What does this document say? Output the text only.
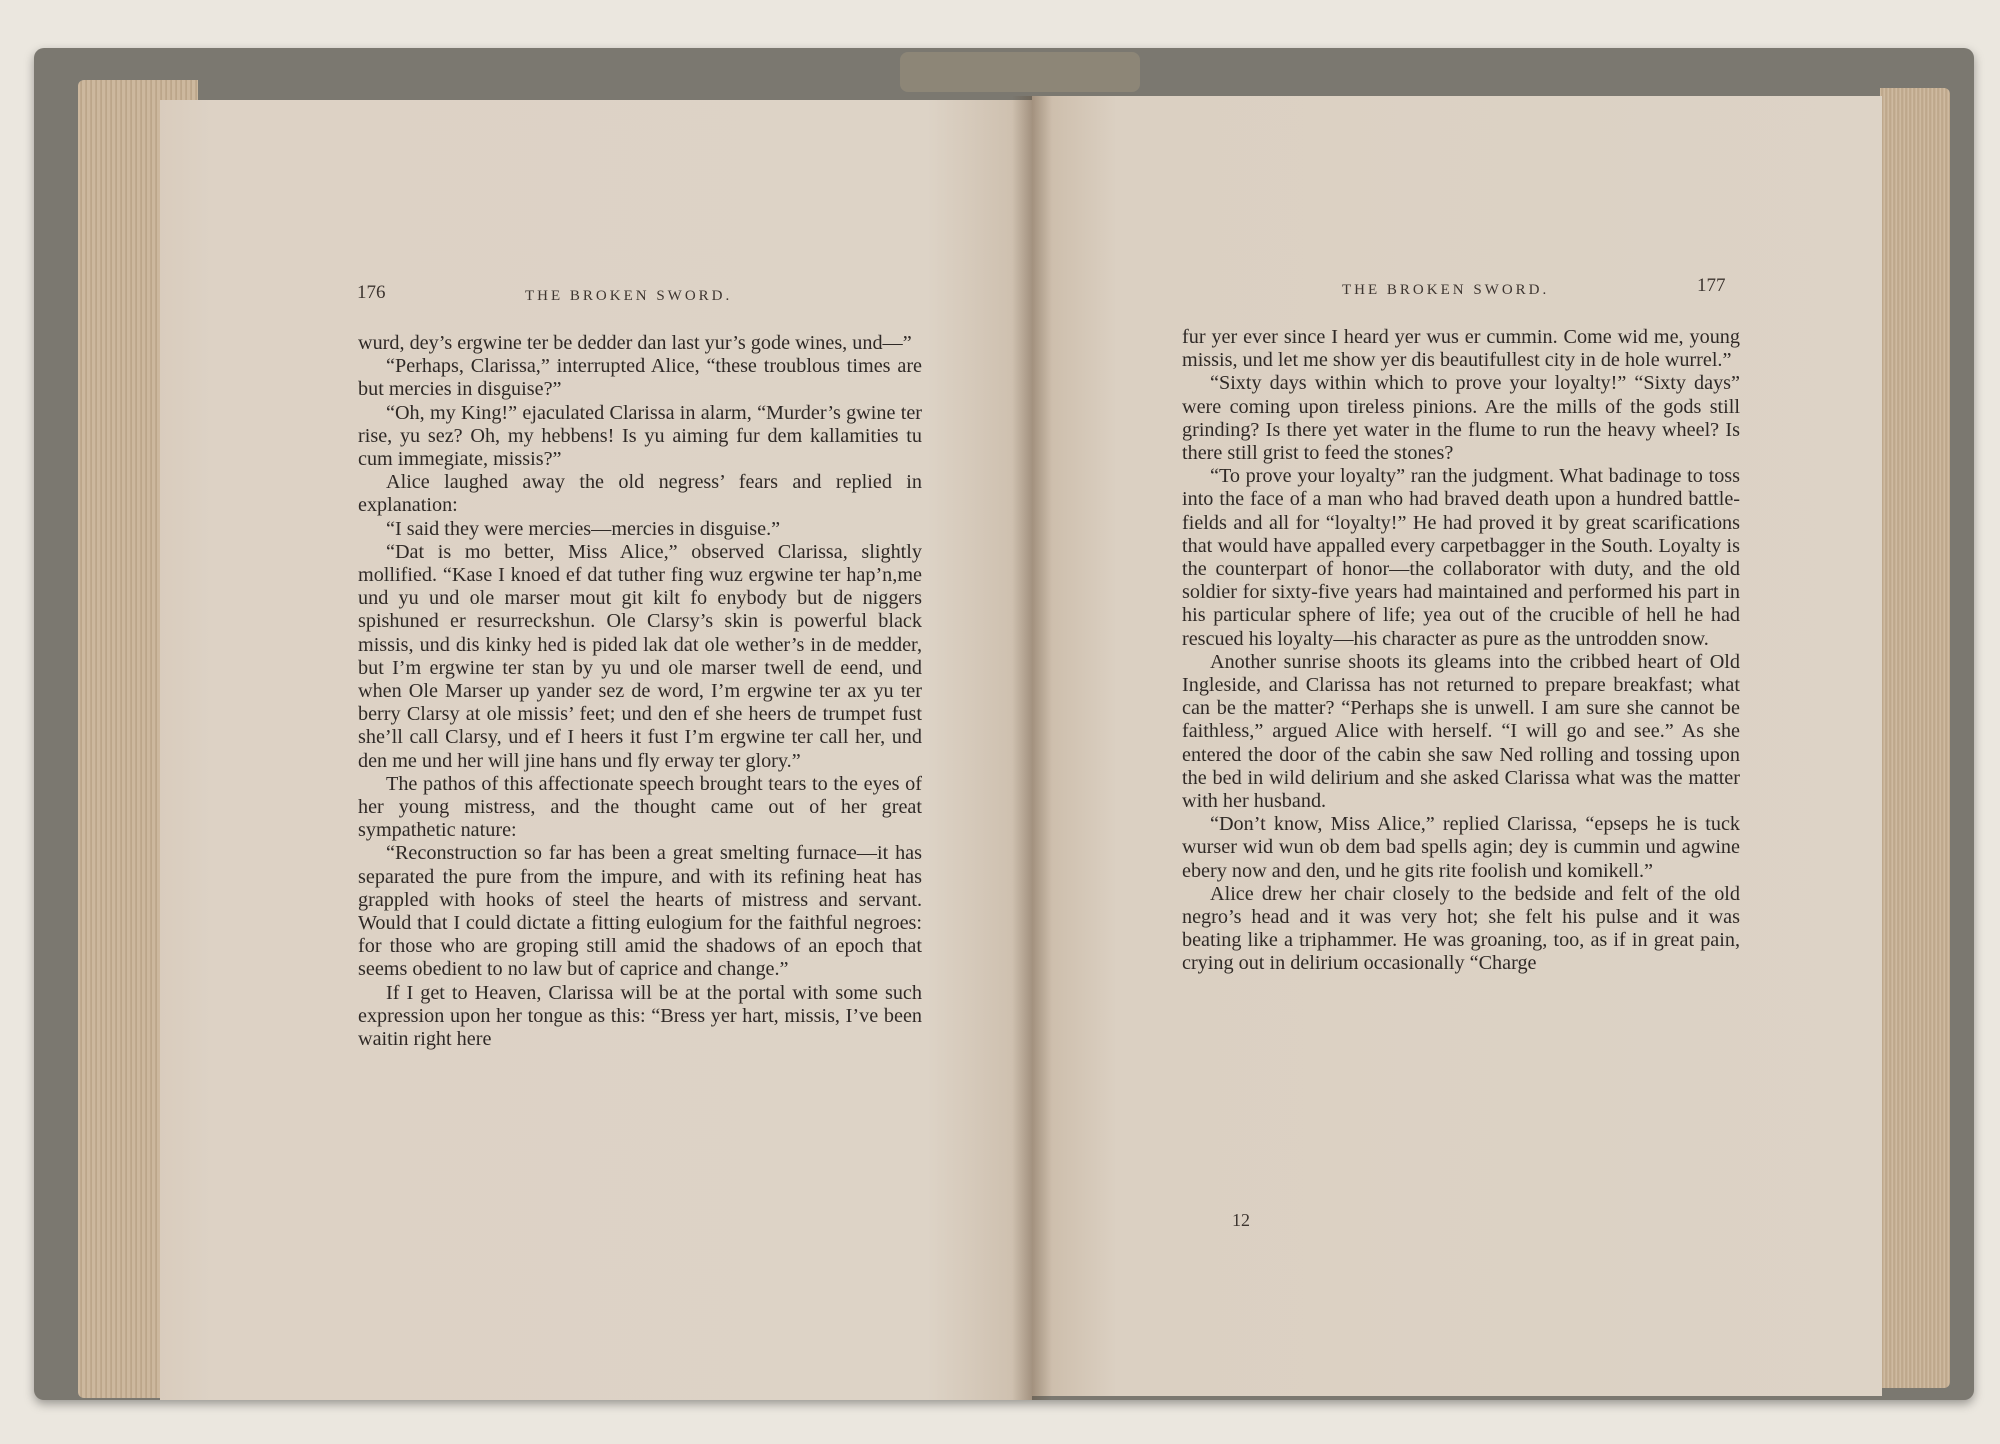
176	THE BROKEN SWORD.

wurd, dey’s ergwine ter be dedder dan last yur’s gode wines, und—”

“Perhaps, Clarissa,” interrupted Alice, “these troublous times are but mercies in disguise?”

“Oh, my King!” ejaculated Clarissa in alarm, “Murder’s gwine ter rise, yu sez? Oh, my hebbens! Is yu aiming fur dem kallamities tu cum immegiate, missis?”

Alice laughed away the old negress’ fears and replied in explanation:

“I said they were mercies—mercies in disguise.”

“Dat is mo better, Miss Alice,” observed Clarissa, slightly mollified. “Kase I knoed ef dat tuther fing wuz ergwine ter hap’n,me und yu und ole marser mout git kilt fo enybody but de niggers spishuned er resurreckshun. Ole Clarsy’s skin is powerful black missis, und dis kinky hed is pided lak dat ole wether’s in de medder, but I’m ergwine ter stan by yu und ole marser twell de eend, und when Ole Marser up yander sez de word, I’m ergwine ter ax yu ter berry Clarsy at ole missis’ feet; und den ef she heers de trumpet fust she’ll call Clarsy, und ef I heers it fust I’m ergwine ter call her, und den me und her will jine hans und fly erway ter glory.”

The pathos of this affectionate speech brought tears to the eyes of her young mistress, and the thought came out of her great sympathetic nature:

“Reconstruction so far has been a great smelting furnace—it has separated the pure from the impure, and with its refining heat has grappled with hooks of steel the hearts of mistress and servant. Would that I could dictate a fitting eulogium for the faithful negroes: for those who are groping still amid the shadows of an epoch that seems obedient to no law but of caprice and change.”

If I get to Heaven, Clarissa will be at the portal with some such expression upon her tongue as this: “Bress yer hart, missis, I’ve been waitin right here

THE BROKEN SWORD.	177

fur yer ever since I heard yer wus er cummin. Come wid me, young missis, und let me show yer dis beautifullest city in de hole wurrel.”

“Sixty days within which to prove your loyalty!” “Sixty days” were coming upon tireless pinions. Are the mills of the gods still grinding? Is there yet water in the flume to run the heavy wheel? Is there still grist to feed the stones?

“To prove your loyalty” ran the judgment. What badinage to toss into the face of a man who had braved death upon a hundred battle-fields and all for “loyalty!” He had proved it by great scarifications that would have appalled every carpetbagger in the South. Loyalty is the counterpart of honor—the collaborator with duty, and the old soldier for sixty-five years had maintained and performed his part in his particular sphere of life; yea out of the crucible of hell he had rescued his loyalty—his character as pure as the untrodden snow.

Another sunrise shoots its gleams into the cribbed heart of Old Ingleside, and Clarissa has not returned to prepare breakfast; what can be the matter? “Perhaps she is unwell. I am sure she cannot be faithless,” argued Alice with herself. “I will go and see.” As she entered the door of the cabin she saw Ned rolling and tossing upon the bed in wild delirium and she asked Clarissa what was the matter with her husband.

“Don’t know, Miss Alice,” replied Clarissa, “epseps he is tuck wurser wid wun ob dem bad spells agin; dey is cummin und agwine ebery now and den, und he gits rite foolish und komikell.”

Alice drew her chair closely to the bedside and felt of the old negro’s head and it was very hot; she felt his pulse and it was beating like a triphammer. He was groaning, too, as if in great pain, crying out in delirium occasionally “Charge

12
